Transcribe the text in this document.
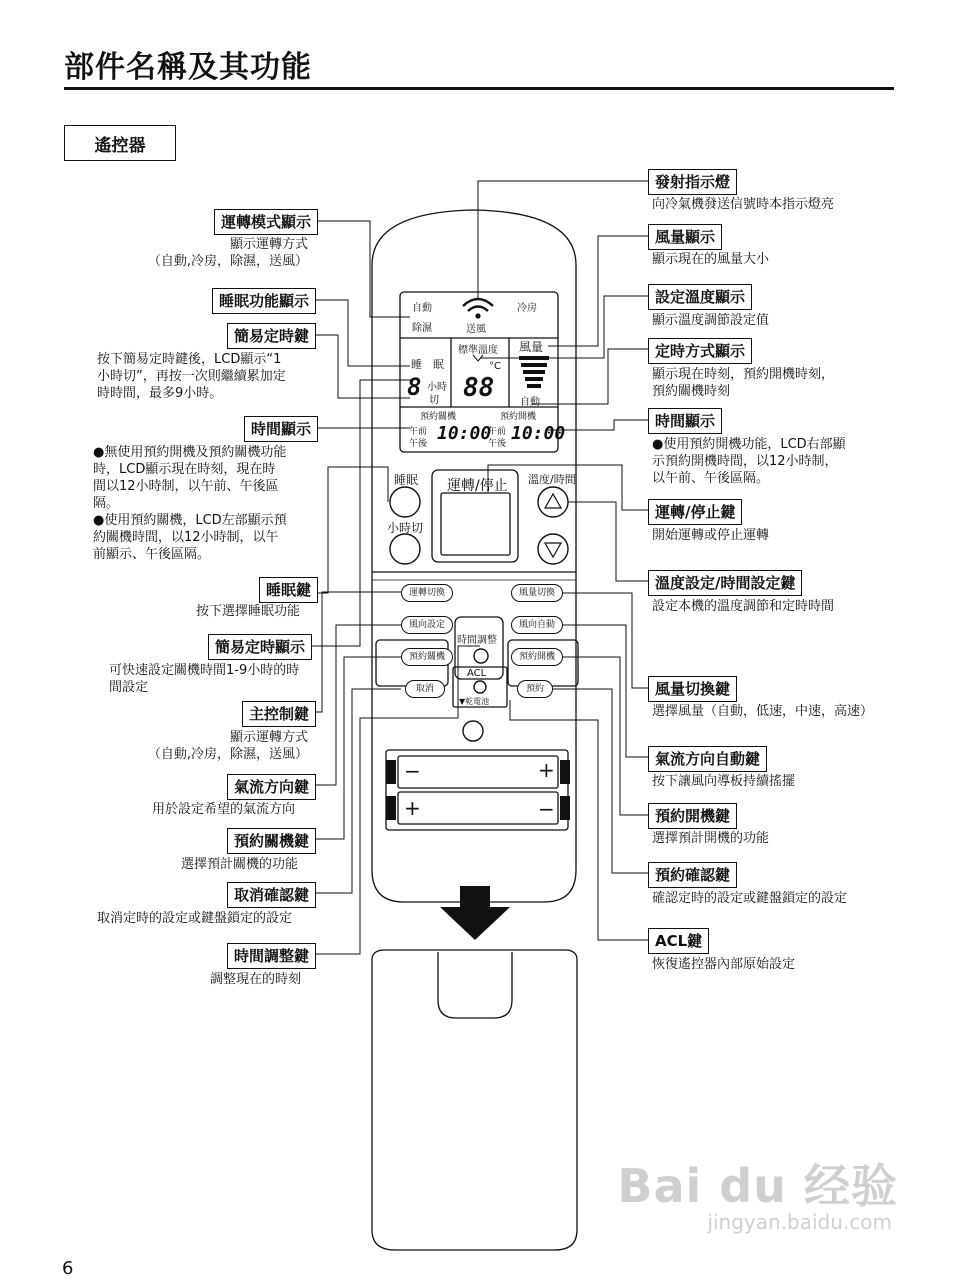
部件名稱及其功能
遙控器
自動	冷房
除濕	送風
睡　眠
標準溫度 風量
自動
8 小時
切 88
°C
預約關機	預約開機
午前
午後 10:00
午前
午後 10:00
睡眠
小時切
運轉/停止 溫度/時間
運轉切換	風量切換
風向設定	風向自動
時間調整
預約關機	預約開機
取消	預約
ACL
▼乾電池
−	+
+	−
運轉模式顯示
顯示運轉方式
（自動,冷房，除濕，送風）
睡眠功能顯示
簡易定時鍵
按下簡易定時鍵後，LCD顯示“1
小時切”，再按一次則繼續累加定
時時間，最多9小時。
時間顯示
●無使用預約開機及預約關機功能
時，LCD顯示現在時刻，現在時
間以12小時制，以午前、午後區
隔。
●使用預約關機，LCD左部顯示預
約關機時間，以12小時制，以午
前顯示、午後區隔。
睡眠鍵
按下選擇睡眠功能
簡易定時顯示
可快速設定關機時間1-9小時的時
間設定
主控制鍵
顯示運轉方式
（自動,冷房，除濕，送風）
氣流方向鍵
用於設定希望的氣流方向
預約關機鍵
選擇預計關機的功能
取消確認鍵
取消定時的設定或鍵盤鎖定的設定
時間調整鍵
調整現在的時刻
發射指示燈
向冷氣機發送信號時本指示燈亮
風量顯示
顯示現在的風量大小
設定溫度顯示
顯示溫度調節設定值
定時方式顯示
顯示現在時刻，預約開機時刻，
預約關機時刻
時間顯示
●使用預約開機功能，LCD右部顯
示預約開機時間，以12小時制，
以午前、午後區隔。
運轉/停止鍵
開始運轉或停止運轉
溫度設定/時間設定鍵
設定本機的溫度調節和定時時間
風量切換鍵
選擇風量（自動，低速，中速，高速）
氣流方向自動鍵
按下讓風向導板持續搖擺
預約開機鍵
選擇預計開機的功能
預約確認鍵
確認定時的設定或鍵盤鎖定的設定
ACL鍵
恢復遙控器內部原始設定
6
Bai du 经验
jingyan.baidu.com
